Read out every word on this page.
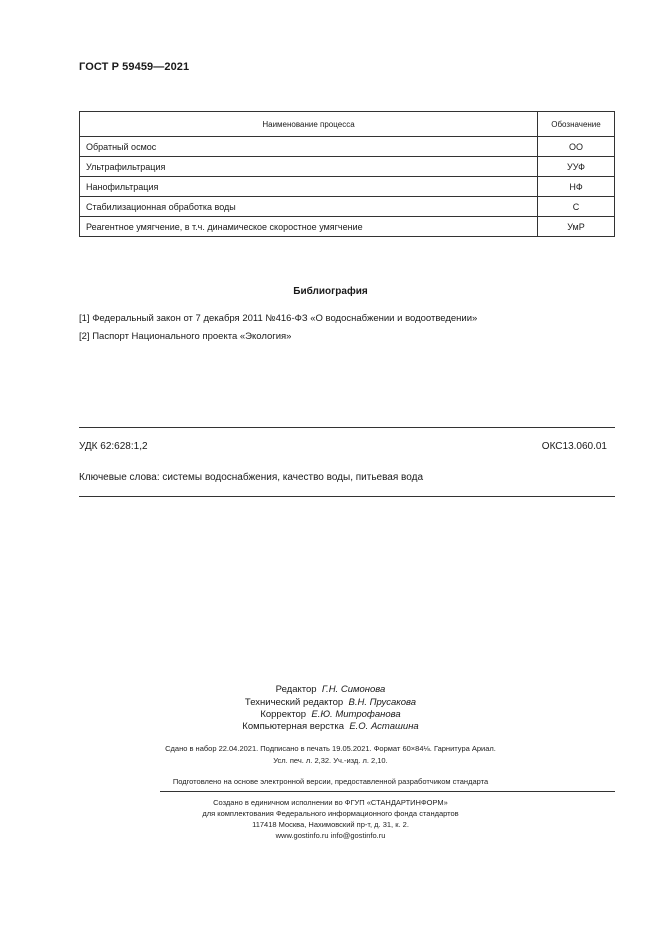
ГОСТ Р 59459—2021
Наименование процесса	Обозначение
Обратный осмос	ОО
Ультрафильтрация	УУФ
Нанофильтрация	НФ
Стабилизационная обработка воды	С
Реагентное умягчение, в т.ч. динамическое скоростное умягчение	УмР
Библиография
[1] Федеральный закон от 7 декабря 2011 №416-ФЗ «О водоснабжении и водоотведении»
[2] Паспорт Национального проекта «Экология»
УДК 62:628:1,2	ОКС13.060.01
Ключевые слова: системы водоснабжения, качество воды, питьевая вода
Редактор Г.Н. Симонова
Технический редактор В.Н. Прусакова
Корректор Е.Ю. Митрофанова
Компьютерная верстка Е.О. Асташина
Сдано в набор 22.04.2021. Подписано в печать 19.05.2021. Формат 60×84⅛. Гарнитура Ариал.
Усл. печ. л. 2,32. Уч.-изд. л. 2,10.
Подготовлено на основе электронной версии, предоставленной разработчиком стандарта
Создано в единичном исполнении во ФГУП «СТАНДАРТИНФОРМ»
для комплектования Федерального информационного фонда стандартов
117418 Москва, Нахимовский пр-т, д. 31, к. 2.
www.gostinfo.ru info@gostinfo.ru
